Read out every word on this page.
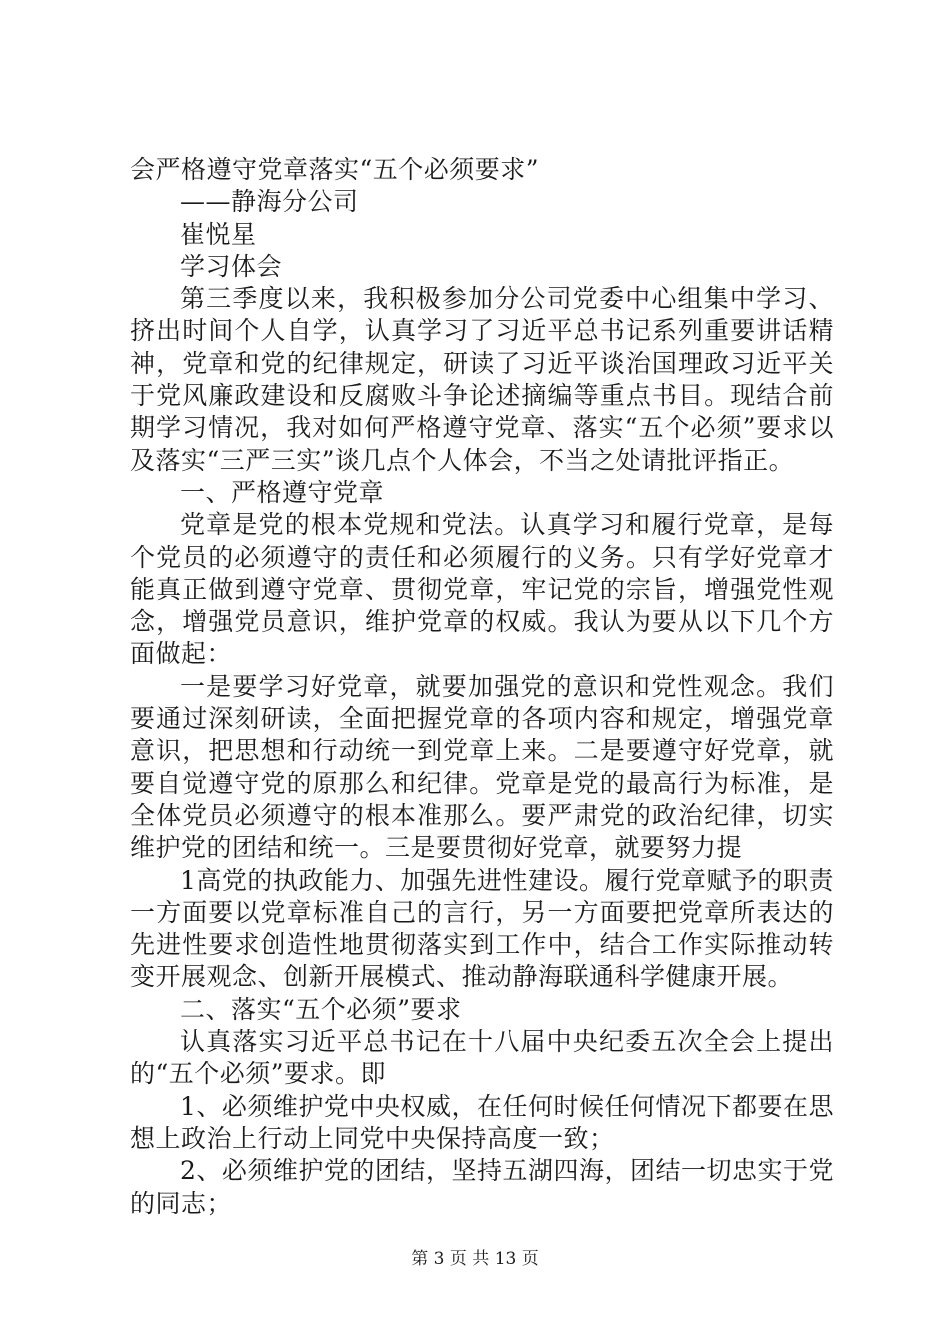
会严格遵守党章落实“五个必须要求”

——静海分公司

崔悦星

学习体会

第三季度以来，我积极参加分公司党委中心组集中学习、挤出时间个人自学，认真学习了习近平总书记系列重要讲话精神，党章和党的纪律规定，研读了习近平谈治国理政习近平关于党风廉政建设和反腐败斗争论述摘编等重点书目。现结合前期学习情况，我对如何严格遵守党章、落实“五个必须”要求以及落实“三严三实”谈几点个人体会，不当之处请批评指正。

一、严格遵守党章

党章是党的根本党规和党法。认真学习和履行党章，是每个党员的必须遵守的责任和必须履行的义务。只有学好党章才能真正做到遵守党章、贯彻党章，牢记党的宗旨，增强党性观念，增强党员意识，维护党章的权威。我认为要从以下几个方面做起：

一是要学习好党章，就要加强党的意识和党性观念。我们要通过深刻研读，全面把握党章的各项内容和规定，增强党章意识，把思想和行动统一到党章上来。二是要遵守好党章，就要自觉遵守党的原那么和纪律。党章是党的最高行为标准，是全体党员必须遵守的根本准那么。要严肃党的政治纪律，切实维护党的团结和统一。三是要贯彻好党章，就要努力提

1高党的执政能力、加强先进性建设。履行党章赋予的职责一方面要以党章标准自己的言行，另一方面要把党章所表达的先进性要求创造性地贯彻落实到工作中，结合工作实际推动转变开展观念、创新开展模式、推动静海联通科学健康开展。

二、落实“五个必须”要求

认真落实习近平总书记在十八届中央纪委五次全会上提出的“五个必须”要求。即

1、必须维护党中央权威，在任何时候任何情况下都要在思想上政治上行动上同党中央保持高度一致；

2、必须维护党的团结，坚持五湖四海，团结一切忠实于党的同志；

第 3 页 共 13 页
